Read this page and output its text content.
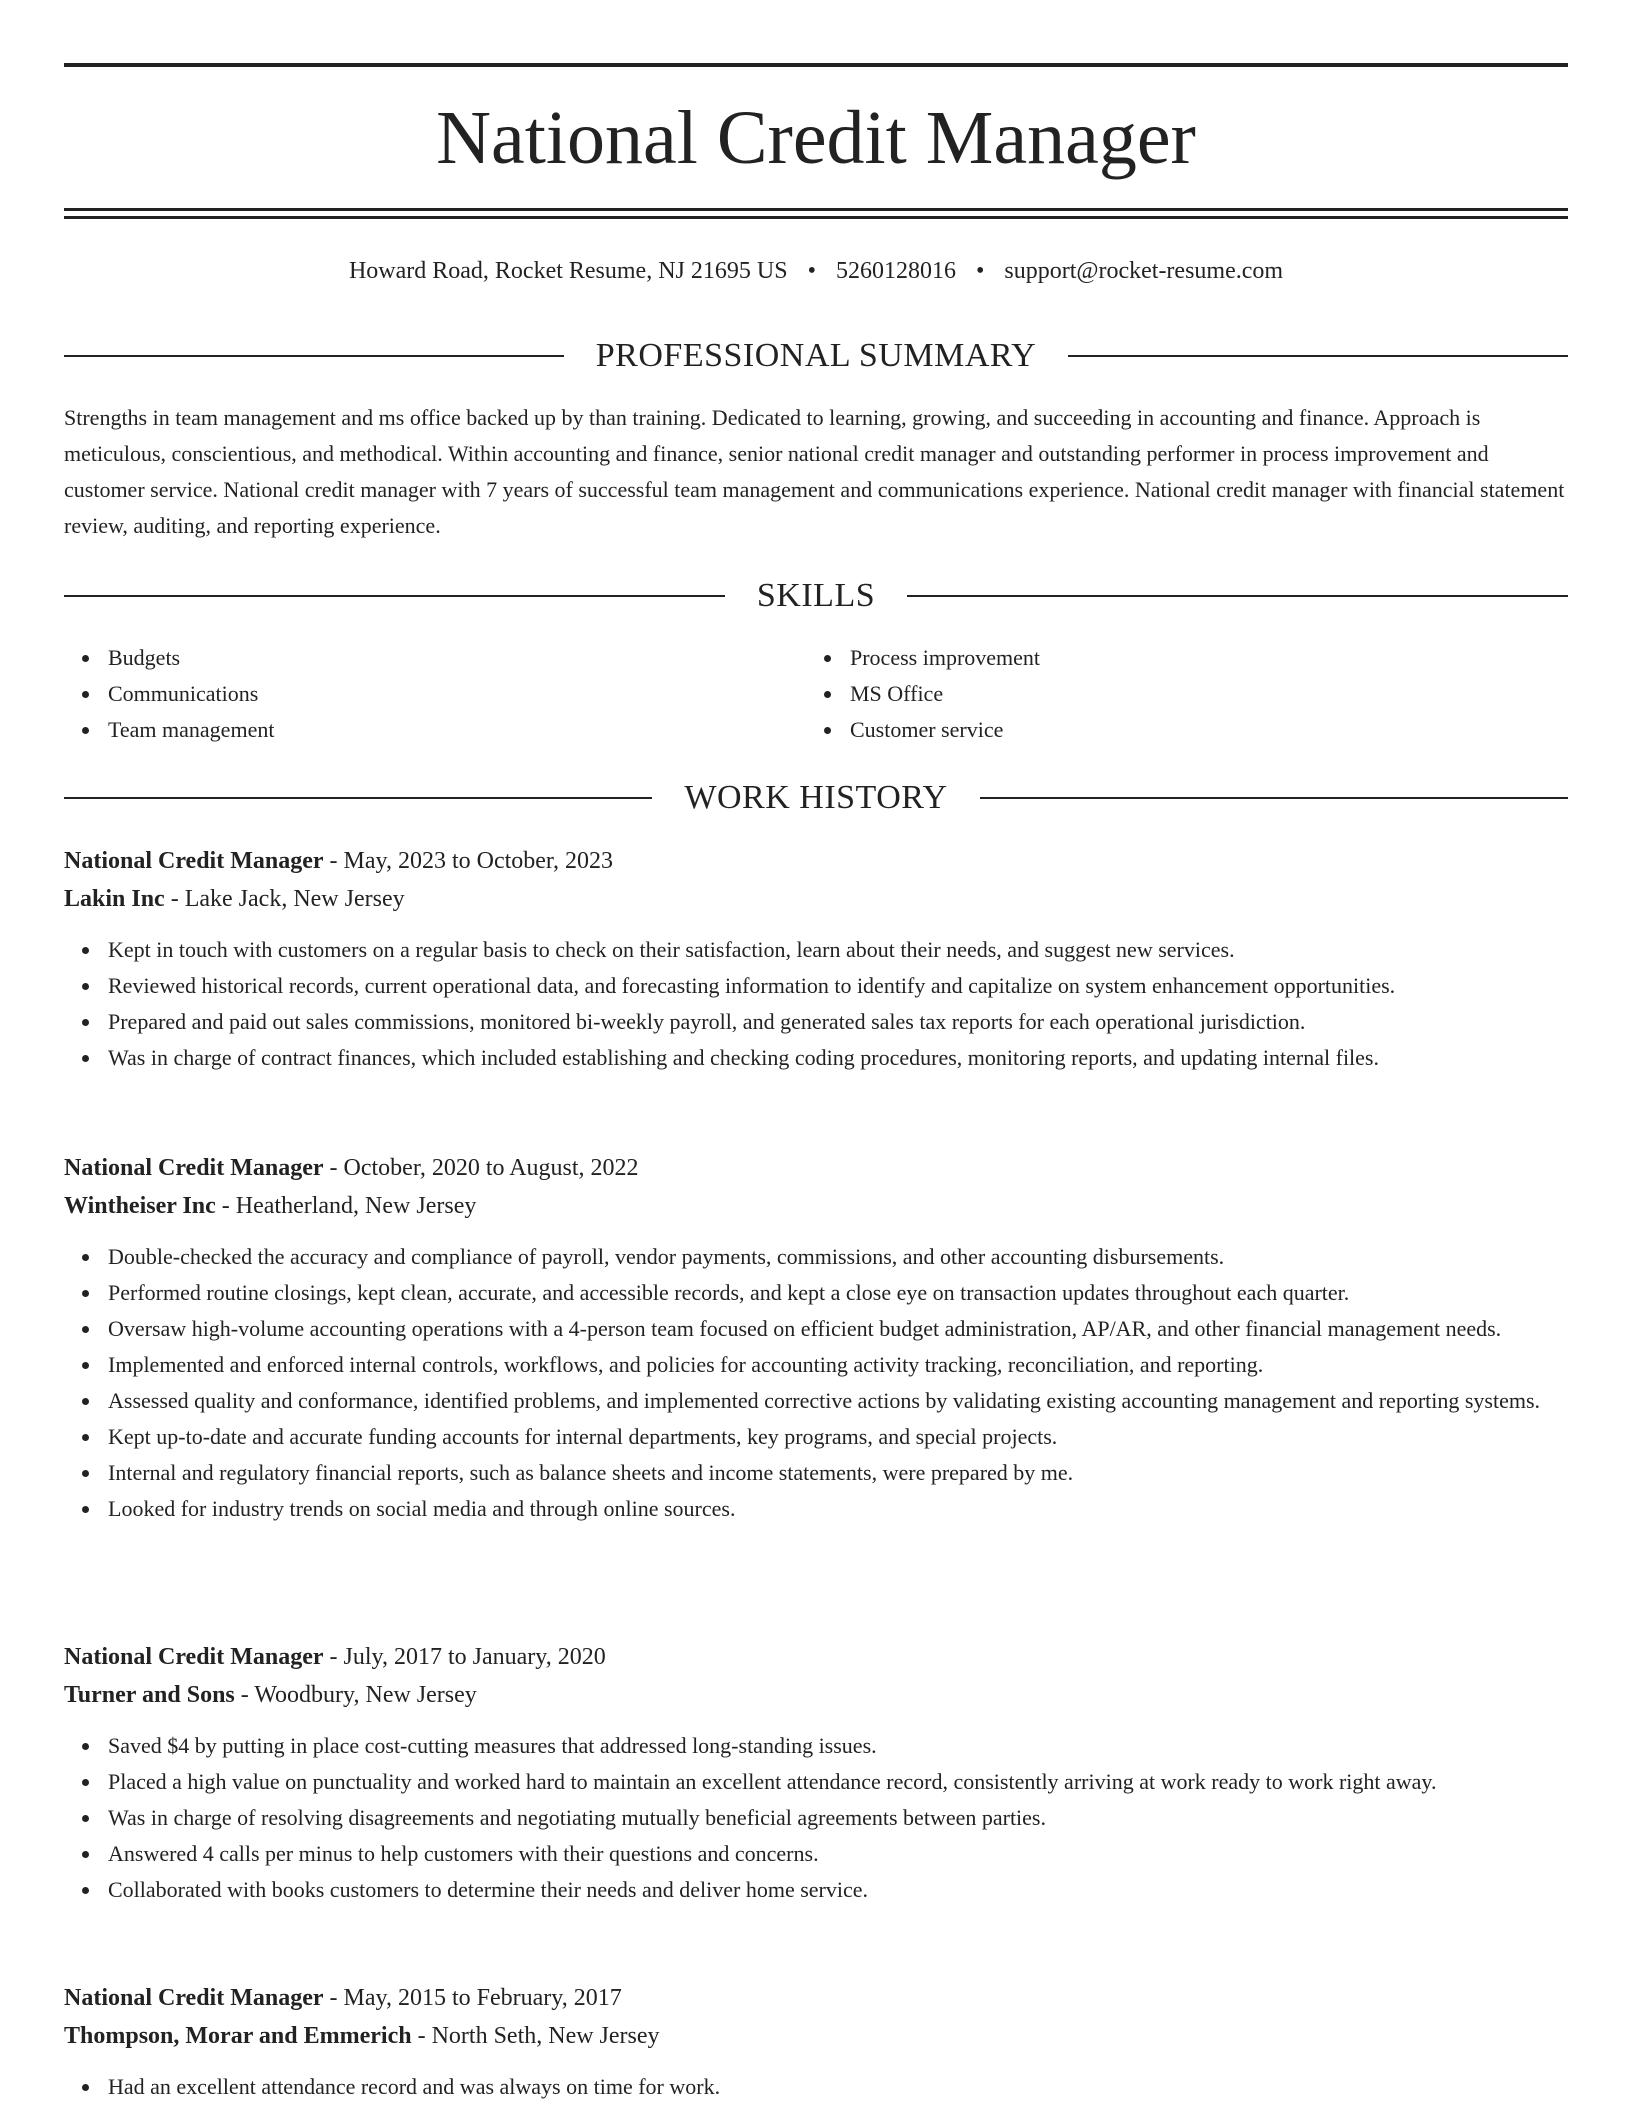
National Credit Manager
Howard Road, Rocket Resume, NJ 21695 US • 5260128016 • support@rocket-resume.com
PROFESSIONAL SUMMARY

Strengths in team management and ms office backed up by than training. Dedicated to learning, growing, and succeeding in accounting and finance. Approach is meticulous, conscientious, and methodical. Within accounting and finance, senior national credit manager and outstanding performer in process improvement and customer service. National credit manager with 7 years of successful team management and communications experience. National credit manager with financial statement review, auditing, and reporting experience.

SKILLS
Budgets
Communications
Team management
Process improvement
MS Office
Customer service
WORK HISTORY
National Credit Manager - May, 2023 to October, 2023
Lakin Inc - Lake Jack, New Jersey
Kept in touch with customers on a regular basis to check on their satisfaction, learn about their needs, and suggest new services.
Reviewed historical records, current operational data, and forecasting information to identify and capitalize on system enhancement opportunities.
Prepared and paid out sales commissions, monitored bi-weekly payroll, and generated sales tax reports for each operational jurisdiction.
Was in charge of contract finances, which included establishing and checking coding procedures, monitoring reports, and updating internal files.
National Credit Manager - October, 2020 to August, 2022
Wintheiser Inc - Heatherland, New Jersey
Double-checked the accuracy and compliance of payroll, vendor payments, commissions, and other accounting disbursements.
Performed routine closings, kept clean, accurate, and accessible records, and kept a close eye on transaction updates throughout each quarter.
Oversaw high-volume accounting operations with a 4-person team focused on efficient budget administration, AP/AR, and other financial management needs.
Implemented and enforced internal controls, workflows, and policies for accounting activity tracking, reconciliation, and reporting.
Assessed quality and conformance, identified problems, and implemented corrective actions by validating existing accounting management and reporting systems.
Kept up-to-date and accurate funding accounts for internal departments, key programs, and special projects.
Internal and regulatory financial reports, such as balance sheets and income statements, were prepared by me.
Looked for industry trends on social media and through online sources.
National Credit Manager - July, 2017 to January, 2020
Turner and Sons - Woodbury, New Jersey
Saved $4 by putting in place cost-cutting measures that addressed long-standing issues.
Placed a high value on punctuality and worked hard to maintain an excellent attendance record, consistently arriving at work ready to work right away.
Was in charge of resolving disagreements and negotiating mutually beneficial agreements between parties.
Answered 4 calls per minus to help customers with their questions and concerns.
Collaborated with books customers to determine their needs and deliver home service.
National Credit Manager - May, 2015 to February, 2017
Thompson, Morar and Emmerich - North Seth, New Jersey
Had an excellent attendance record and was always on time for work.
